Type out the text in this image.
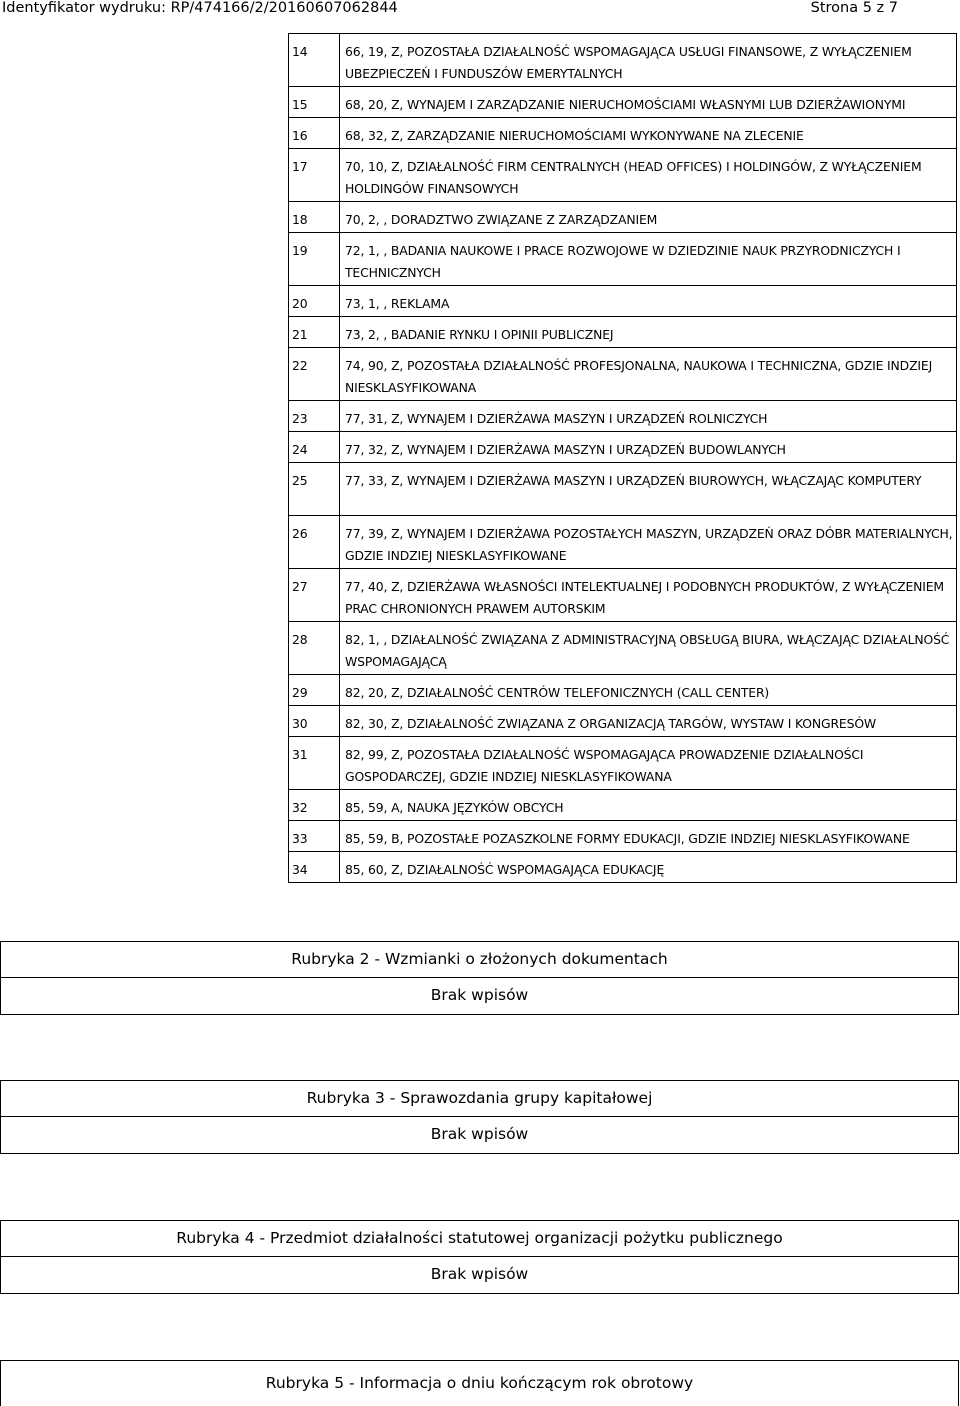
Identyfikator wydruku: RP/474166/2/20160607062844	Strona 5 z 7
14	66, 19, Z, POZOSTAŁA DZIAŁALNOŚĆ WSPOMAGAJĄCA USŁUGI FINANSOWE, Z WYŁĄCZENIEM UBEZPIECZEŃ I FUNDUSZÓW EMERYTALNYCH
15	68, 20, Z, WYNAJEM I ZARZĄDZANIE NIERUCHOMOŚCIAMI WŁASNYMI LUB DZIERŻAWIONYMI
16	68, 32, Z, ZARZĄDZANIE NIERUCHOMOŚCIAMI WYKONYWANE NA ZLECENIE
17	70, 10, Z, DZIAŁALNOŚĆ FIRM CENTRALNYCH (HEAD OFFICES) I HOLDINGÓW, Z WYŁĄCZENIEM HOLDINGÓW FINANSOWYCH
18	70, 2, , DORADZTWO ZWIĄZANE Z ZARZĄDZANIEM
19	72, 1, , BADANIA NAUKOWE I PRACE ROZWOJOWE W DZIEDZINIE NAUK PRZYRODNICZYCH I TECHNICZNYCH
20	73, 1, , REKLAMA
21	73, 2, , BADANIE RYNKU I OPINII PUBLICZNEJ
22	74, 90, Z, POZOSTAŁA DZIAŁALNOŚĆ PROFESJONALNA, NAUKOWA I TECHNICZNA, GDZIE INDZIEJ NIESKLASYFIKOWANA
23	77, 31, Z, WYNAJEM I DZIERŻAWA MASZYN I URZĄDZEŃ ROLNICZYCH
24	77, 32, Z, WYNAJEM I DZIERŻAWA MASZYN I URZĄDZEŃ BUDOWLANYCH
25	77, 33, Z, WYNAJEM I DZIERŻAWA MASZYN I URZĄDZEŃ BIUROWYCH, WŁĄCZAJĄC KOMPUTERY
26	77, 39, Z, WYNAJEM I DZIERŻAWA POZOSTAŁYCH MASZYN, URZĄDZEŃ ORAZ DÓBR MATERIALNYCH, GDZIE INDZIEJ NIESKLASYFIKOWANE
27	77, 40, Z, DZIERŻAWA WŁASNOŚCI INTELEKTUALNEJ I PODOBNYCH PRODUKTÓW, Z WYŁĄCZENIEM PRAC CHRONIONYCH PRAWEM AUTORSKIM
28	82, 1, , DZIAŁALNOŚĆ ZWIĄZANA Z ADMINISTRACYJNĄ OBSŁUGĄ BIURA, WŁĄCZAJĄC DZIAŁALNOŚĆ WSPOMAGAJĄCĄ
29	82, 20, Z, DZIAŁALNOŚĆ CENTRÓW TELEFONICZNYCH (CALL CENTER)
30	82, 30, Z, DZIAŁALNOŚĆ ZWIĄZANA Z ORGANIZACJĄ TARGÓW, WYSTAW I KONGRESÓW
31	82, 99, Z, POZOSTAŁA DZIAŁALNOŚĆ WSPOMAGAJĄCA PROWADZENIE DZIAŁALNOŚCI GOSPODARCZEJ, GDZIE INDZIEJ NIESKLASYFIKOWANA
32	85, 59, A, NAUKA JĘZYKÓW OBCYCH
33	85, 59, B, POZOSTAŁE POZASZKOLNE FORMY EDUKACJI, GDZIE INDZIEJ NIESKLASYFIKOWANE
34	85, 60, Z, DZIAŁALNOŚĆ WSPOMAGAJĄCA EDUKACJĘ
Rubryka 2 - Wzmianki o złożonych dokumentach
Brak wpisów
Rubryka 3 - Sprawozdania grupy kapitałowej
Brak wpisów
Rubryka 4 - Przedmiot działalności statutowej organizacji pożytku publicznego
Brak wpisów
Rubryka 5 - Informacja o dniu kończącym rok obrotowy
